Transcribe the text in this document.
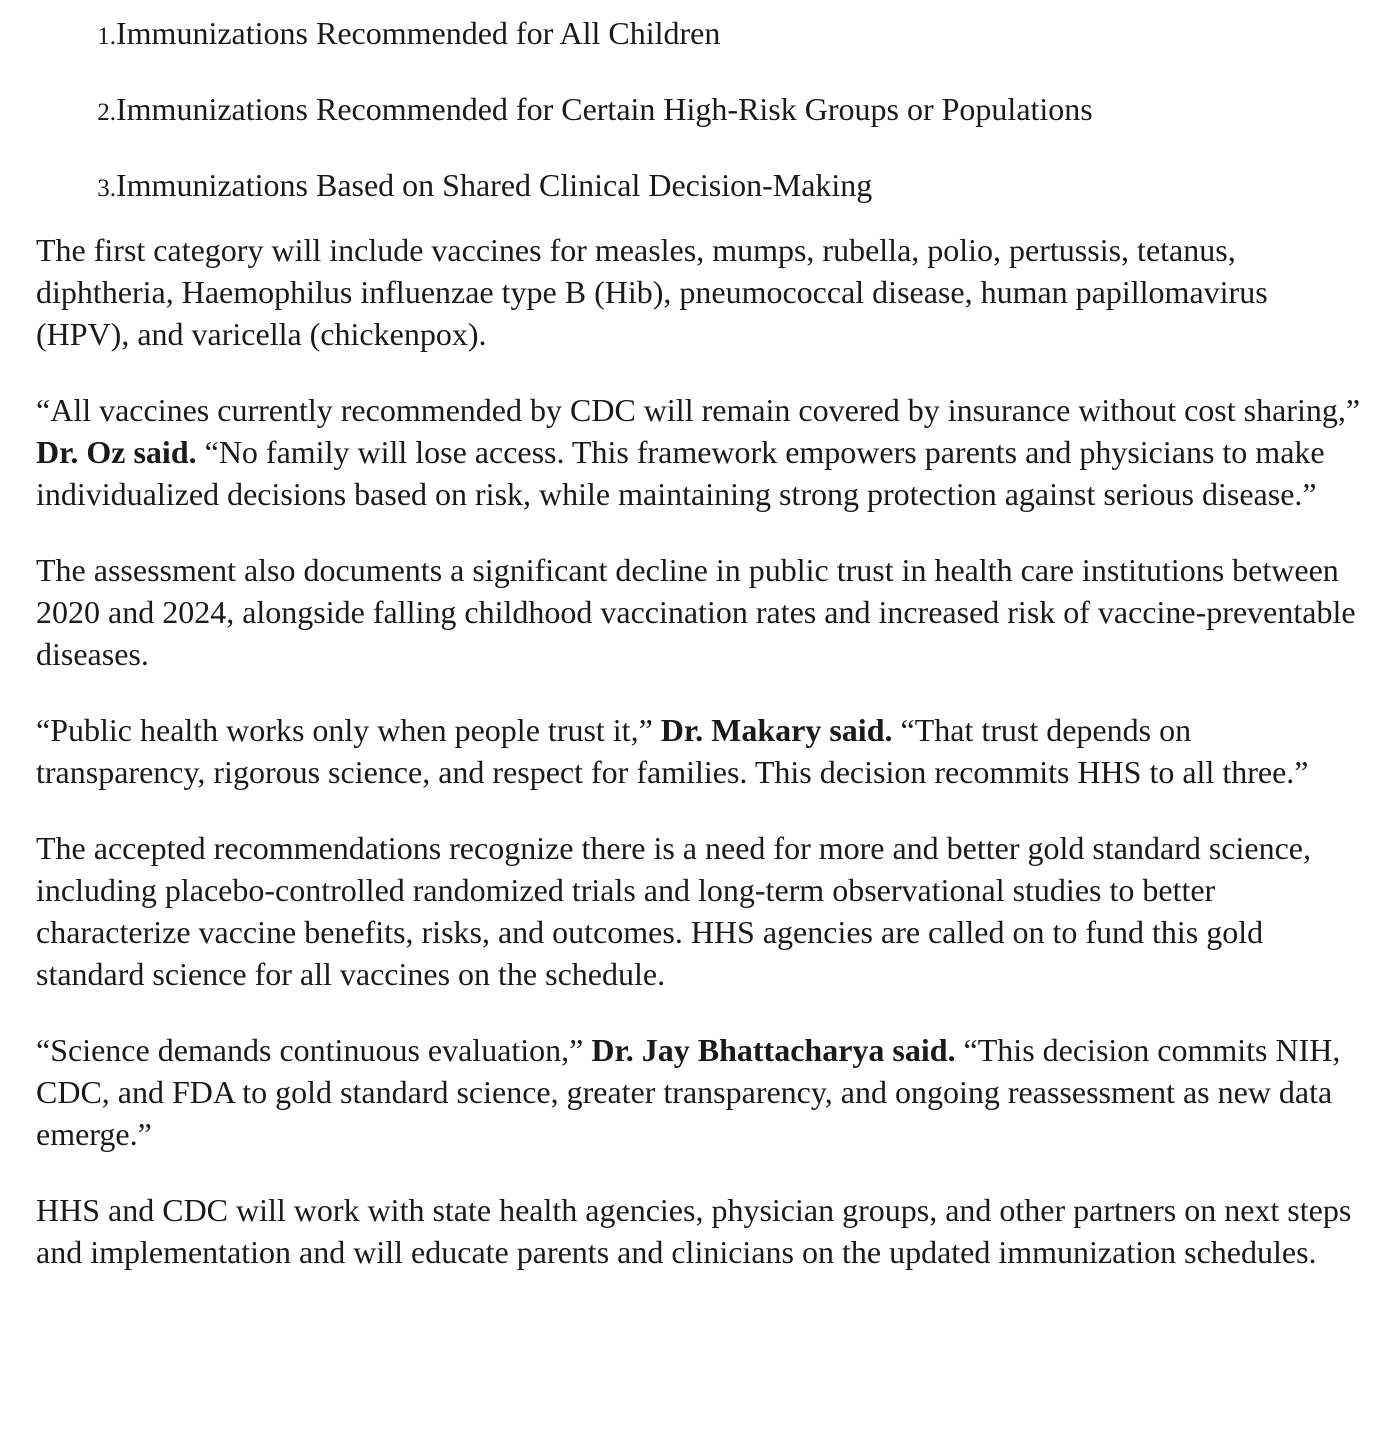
1. Immunizations Recommended for All Children
2. Immunizations Recommended for Certain High-Risk Groups or Populations
3. Immunizations Based on Shared Clinical Decision-Making

The first category will include vaccines for measles, mumps, rubella, polio, pertussis, tetanus, diphtheria, Haemophilus influenzae type B (Hib), pneumococcal disease, human papillomavirus (HPV), and varicella (chickenpox).

“All vaccines currently recommended by CDC will remain covered by insurance without cost sharing,” Dr. Oz said. “No family will lose access. This framework empowers parents and physicians to make individualized decisions based on risk, while maintaining strong protection against serious disease.”

The assessment also documents a significant decline in public trust in health care institutions between 2020 and 2024, alongside falling childhood vaccination rates and increased risk of vaccine-preventable diseases.

“Public health works only when people trust it,” Dr. Makary said. “That trust depends on transparency, rigorous science, and respect for families. This decision recommits HHS to all three.”

The accepted recommendations recognize there is a need for more and better gold standard science, including placebo-controlled randomized trials and long-term observational studies to better characterize vaccine benefits, risks, and outcomes. HHS agencies are called on to fund this gold standard science for all vaccines on the schedule.

“Science demands continuous evaluation,” Dr. Jay Bhattacharya said. “This decision commits NIH, CDC, and FDA to gold standard science, greater transparency, and ongoing reassessment as new data emerge.”

HHS and CDC will work with state health agencies, physician groups, and other partners on next steps and implementation and will educate parents and clinicians on the updated immunization schedules.
